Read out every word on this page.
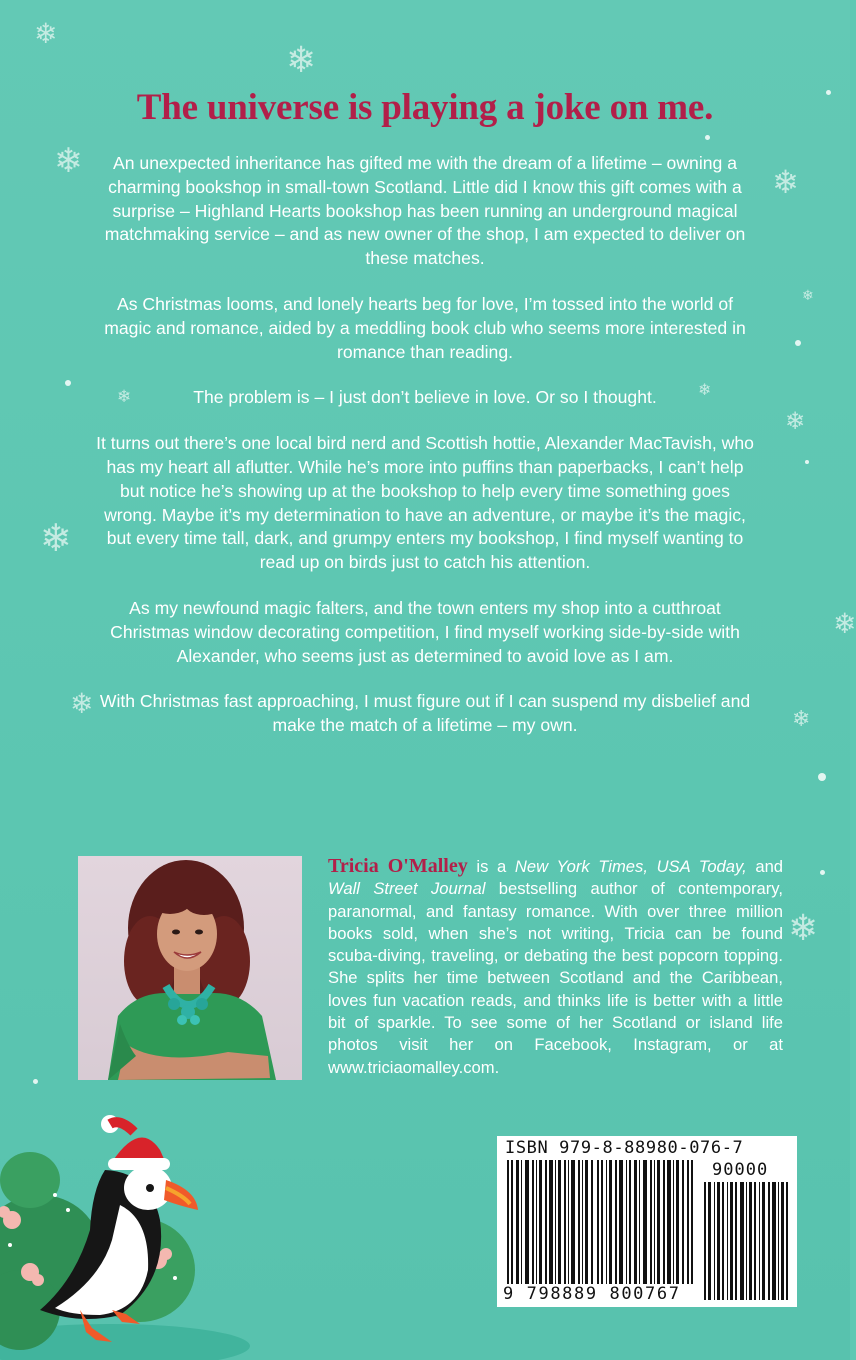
❄
❄
❄
❄
❄
❄	❄
❄
❄
❄
❄	❄
❄
The universe is playing a joke on me.

An unexpected inheritance has gifted me with the dream of a lifetime – owning a charming bookshop in small-town Scotland. Little did I know this gift comes with a surprise – Highland Hearts bookshop has been running an underground magical matchmaking service – and as new owner of the shop, I am expected to deliver on these matches.

As Christmas looms, and lonely hearts beg for love, I’m tossed into the world of magic and romance, aided by a meddling book club who seems more interested in romance than reading.

The problem is – I just don’t believe in love. Or so I thought.

It turns out there’s one local bird nerd and Scottish hottie, Alexander MacTavish, who has my heart all aflutter. While he’s more into puffins than paperbacks, I can’t help but notice he’s showing up at the bookshop to help every time something goes wrong. Maybe it’s my determination to have an adventure, or maybe it’s the magic, but every time tall, dark, and grumpy enters my bookshop, I find myself wanting to read up on birds just to catch his attention.

As my newfound magic falters, and the town enters my shop into a cutthroat Christmas window decorating competition, I find myself working side-by-side with Alexander, who seems just as determined to avoid love as I am.

With Christmas fast approaching, I must figure out if I can suspend my disbelief and make the match of a lifetime – my own.

Tricia O'Malley is a New York Times, USA Today, and Wall Street Journal bestselling author of contemporary, paranormal, and fantasy romance. With over three million books sold, when she’s not writing, Tricia can be found scuba-diving, traveling, or debating the best popcorn topping. She splits her time between Scotland and the Caribbean, loves fun vacation reads, and thinks life is better with a little bit of sparkle. To see some of her Scotland or island life photos visit her on Facebook, Instagram, or at www.triciaomalley.com.
ISBN 979-8-88980-076-7
90000
9 798889 800767
